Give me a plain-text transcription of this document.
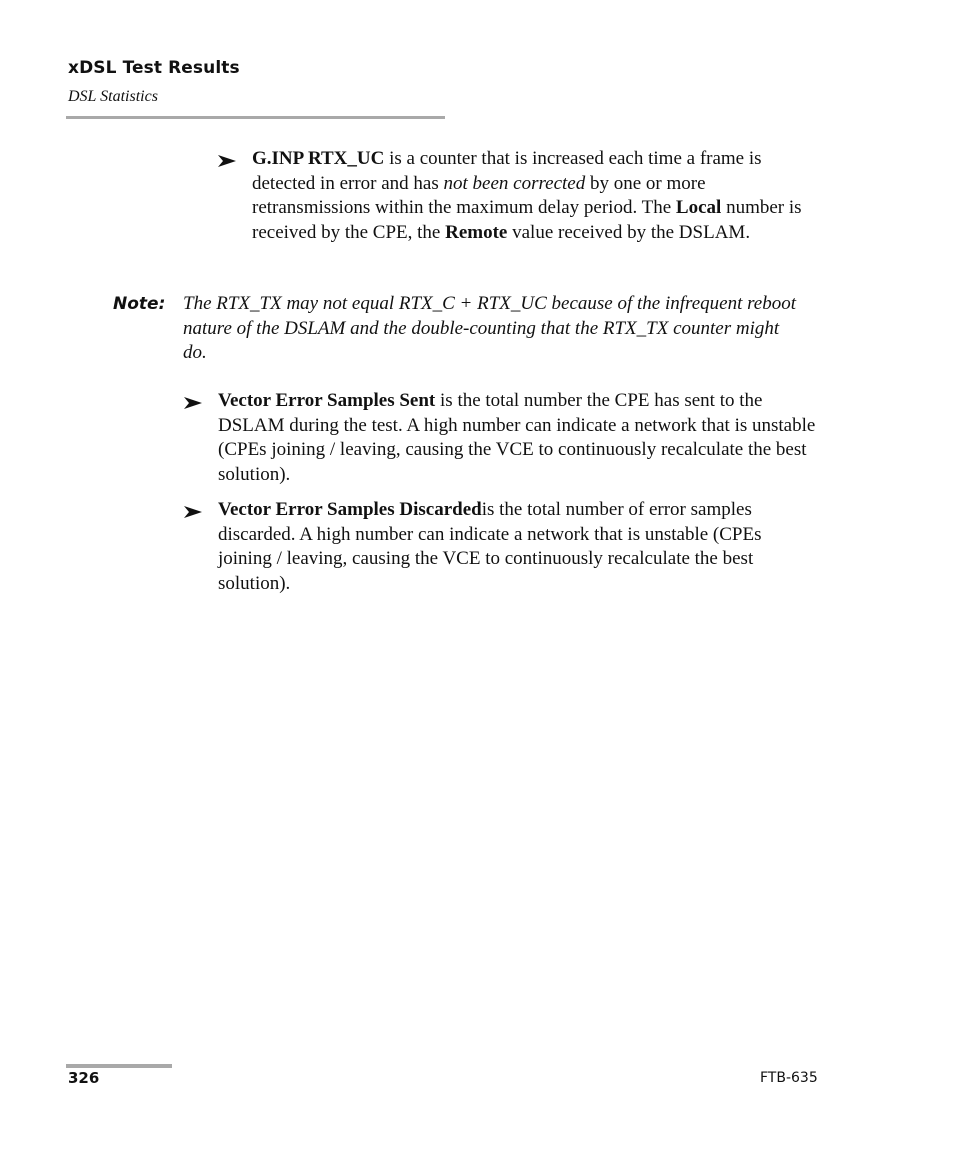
xDSL Test Results
DSL Statistics
G.INP RTX_UC is a counter that is increased each time a frame is detected in error and has not been corrected by one or more retransmissions within the maximum delay period. The Local number is received by the CPE, the Remote value received by the DSLAM.
Note: The RTX_TX may not equal RTX_C + RTX_UC because of the infrequent reboot nature of the DSLAM and the double-counting that the RTX_TX counter might do.
Vector Error Samples Sent is the total number the CPE has sent to the DSLAM during the test. A high number can indicate a network that is unstable (CPEs joining / leaving, causing the VCE to continuously recalculate the best solution).
Vector Error Samples Discardedis the total number of error samples discarded. A high number can indicate a network that is unstable (CPEs joining / leaving, causing the VCE to continuously recalculate the best solution).
326	FTB-635
